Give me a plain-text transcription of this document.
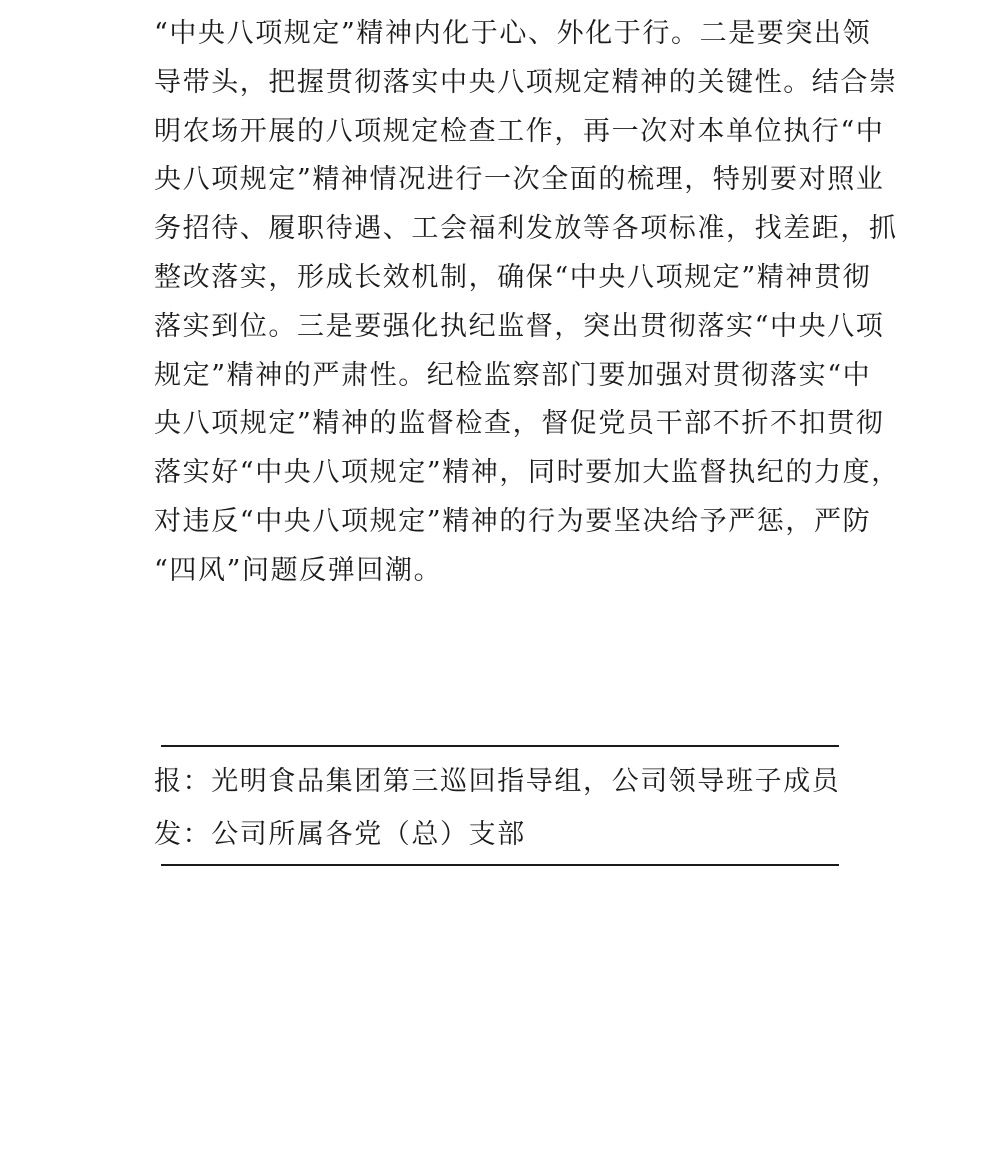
“中央八项规定”精神内化于心、外化于行。二是要突出领
导带头，把握贯彻落实中央八项规定精神的关键性。结合崇
明农场开展的八项规定检查工作，再一次对本单位执行“中
央八项规定”精神情况进行一次全面的梳理，特别要对照业
务招待、履职待遇、工会福利发放等各项标准，找差距，抓
整改落实，形成长效机制，确保“中央八项规定”精神贯彻
落实到位。三是要强化执纪监督，突出贯彻落实“中央八项
规定”精神的严肃性。纪检监察部门要加强对贯彻落实“中
央八项规定”精神的监督检查，督促党员干部不折不扣贯彻
落实好“中央八项规定”精神，同时要加大监督执纪的力度，
对违反“中央八项规定”精神的行为要坚决给予严惩，严防
“四风”问题反弹回潮。
报：光明食品集团第三巡回指导组，公司领导班子成员
发：公司所属各党（总）支部
